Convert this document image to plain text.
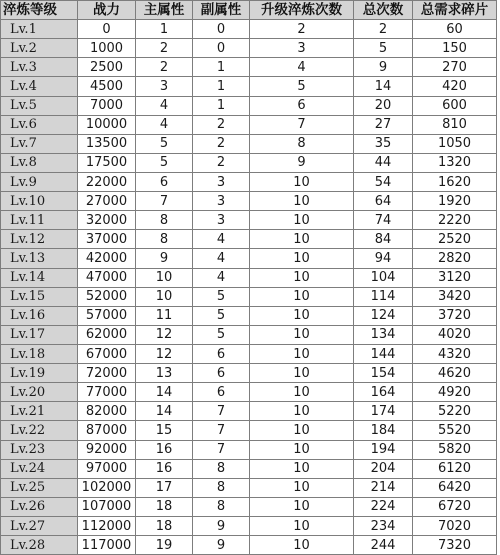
淬炼等级	战力	主属性	副属性	升级淬炼次数	总次数	总需求碎片
Lv.1	0	1	0	2	2	60
Lv.2	1000	2	0	3	5	150
Lv.3	2500	2	1	4	9	270
Lv.4	4500	3	1	5	14	420
Lv.5	7000	4	1	6	20	600
Lv.6	10000	4	2	7	27	810
Lv.7	13500	5	2	8	35	1050
Lv.8	17500	5	2	9	44	1320
Lv.9	22000	6	3	10	54	1620
Lv.10	27000	7	3	10	64	1920
Lv.11	32000	8	3	10	74	2220
Lv.12	37000	8	4	10	84	2520
Lv.13	42000	9	4	10	94	2820
Lv.14	47000	10	4	10	104	3120
Lv.15	52000	10	5	10	114	3420
Lv.16	57000	11	5	10	124	3720
Lv.17	62000	12	5	10	134	4020
Lv.18	67000	12	6	10	144	4320
Lv.19	72000	13	6	10	154	4620
Lv.20	77000	14	6	10	164	4920
Lv.21	82000	14	7	10	174	5220
Lv.22	87000	15	7	10	184	5520
Lv.23	92000	16	7	10	194	5820
Lv.24	97000	16	8	10	204	6120
Lv.25	102000	17	8	10	214	6420
Lv.26	107000	18	8	10	224	6720
Lv.27	112000	18	9	10	234	7020
Lv.28	117000	19	9	10	244	7320
